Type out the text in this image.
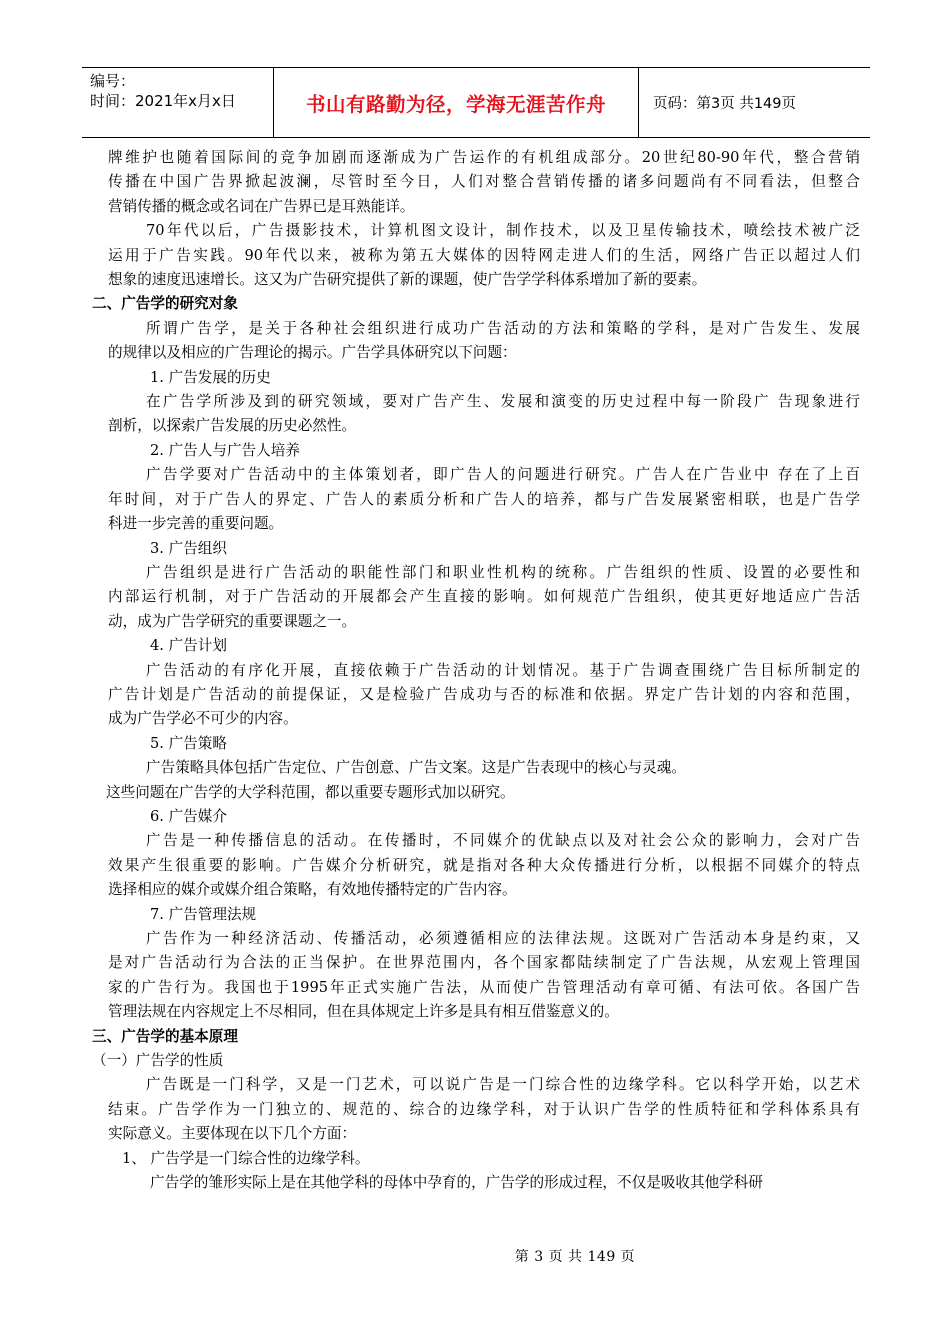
编号：
时间：2021年x月x日	书山有路勤为径，学海无涯苦作舟	页码：第3页 共149页
牌维护也随着国际间的竞争加剧而逐渐成为广告运作的有机组成部分。20世纪80-90年代，整合营销
传播在中国广告界掀起波澜，尽管时至今日，人们对整合营销传播的诸多问题尚有不同看法，但整合
营销传播的概念或名词在广告界已是耳熟能详。
70年代以后，广告摄影技术，计算机图文设计，制作技术，以及卫星传输技术，喷绘技术被广泛
运用于广告实践。90年代以来，被称为第五大媒体的因特网走进人们的生活，网络广告正以超过人们
想象的速度迅速增长。这又为广告研究提供了新的课题，使广告学学科体系增加了新的要素。
二、广告学的研究对象
所谓广告学，是关于各种社会组织进行成功广告活动的方法和策略的学科，是对广告发生、发展
的规律以及相应的广告理论的揭示。广告学具体研究以下问题：
1. 广告发展的历史
在广告学所涉及到的研究领域，要对广告产生、发展和演变的历史过程中每一阶段广 告现象进行
剖析，以探索广告发展的历史必然性。
2. 广告人与广告人培养
广告学要对广告活动中的主体策划者，即广告人的问题进行研究。广告人在广告业中 存在了上百
年时间，对于广告人的界定、广告人的素质分析和广告人的培养，都与广告发展紧密相联，也是广告学
科进一步完善的重要问题。
3. 广告组织
广告组织是进行广告活动的职能性部门和职业性机构的统称。广告组织的性质、设置的必要性和
内部运行机制，对于广告活动的开展都会产生直接的影响。如何规范广告组织，使其更好地适应广告活
动，成为广告学研究的重要课题之一。
4. 广告计划
广告活动的有序化开展，直接依赖于广告活动的计划情况。基于广告调查围绕广告目标所制定的
广告计划是广告活动的前提保证，又是检验广告成功与否的标准和依据。界定广告计划的内容和范围，
成为广告学必不可少的内容。
5. 广告策略
广告策略具体包括广告定位、广告创意、广告文案。这是广告表现中的核心与灵魂。
这些问题在广告学的大学科范围，都以重要专题形式加以研究。
6. 广告媒介
广告是一种传播信息的活动。在传播时，不同媒介的优缺点以及对社会公众的影响力，会对广告
效果产生很重要的影响。广告媒介分析研究，就是指对各种大众传播进行分析，以根据不同媒介的特点
选择相应的媒介或媒介组合策略，有效地传播特定的广告内容。
7. 广告管理法规
广告作为一种经济活动、传播活动，必须遵循相应的法律法规。这既对广告活动本身是约束，又
是对广告活动行为合法的正当保护。在世界范围内，各个国家都陆续制定了广告法规，从宏观上管理国
家的广告行为。我国也于1995年正式实施广告法，从而使广告管理活动有章可循、有法可依。各国广告
管理法规在内容规定上不尽相同，但在具体规定上许多是具有相互借鉴意义的。
三、广告学的基本原理
（一）广告学的性质
广告既是一门科学，又是一门艺术，可以说广告是一门综合性的边缘学科。它以科学开始，以艺术
结束。广告学作为一门独立的、规范的、综合的边缘学科，对于认识广告学的性质特征和学科体系具有
实际意义。主要体现在以下几个方面：
1、 广告学是一门综合性的边缘学科。
广告学的雏形实际上是在其他学科的母体中孕育的，广告学的形成过程，不仅是吸收其他学科研
第 3 页 共 149 页
